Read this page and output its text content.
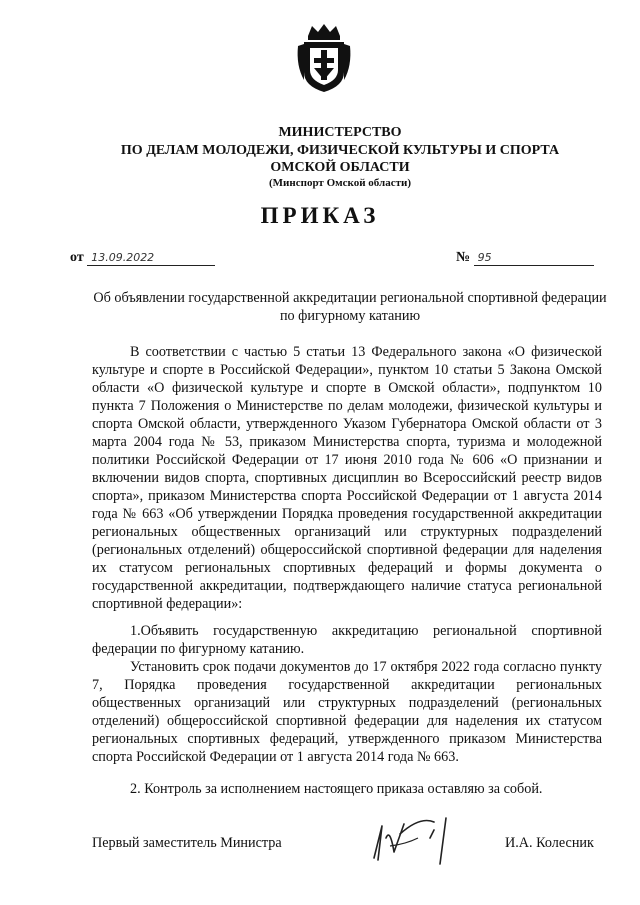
МИНИСТЕРСТВО
ПО ДЕЛАМ МОЛОДЕЖИ, ФИЗИЧЕСКОЙ КУЛЬТУРЫ И СПОРТА
ОМСКОЙ ОБЛАСТИ
(Минспорт Омской области)
ПРИКАЗ
от 13.09.2022	№ 95
Об объявлении государственной аккредитации региональной спортивной федерации по фигурному катанию

В соответствии с частью 5 статьи 13 Федерального закона «О физической культуре и спорте в Российской Федерации», пунктом 10 статьи 5 Закона Омской области «О физической культуре и спорте в Омской области», подпунктом 10 пункта 7 Положения о Министерстве по делам молодежи, физической культуры и спорта Омской области, утвержденного Указом Губернатора Омской области от 3 марта 2004 года № 53, приказом Министерства спорта, туризма и молодежной политики Российской Федерации от 17 июня 2010 года № 606 «О признании и включении видов спорта, спортивных дисциплин во Всероссийский реестр видов спорта», приказом Министерства спорта Российской Федерации от 1 августа 2014 года № 663 «Об утверждении Порядка проведения государственной аккредитации региональных общественных организаций или структурных подразделений (региональных отделений) общероссийской спортивной федерации для наделения их статусом региональных спортивных федераций и формы документа о государственной аккредитации, подтверждающего наличие статуса региональной спортивной федерации»:

1.Объявить государственную аккредитацию региональной спортивной федерации по фигурному катанию.

Установить срок подачи документов до 17 октября 2022 года согласно пункту 7, Порядка проведения государственной аккредитации региональных общественных организаций или структурных подразделений (региональных отделений) общероссийской спортивной федерации для наделения их статусом региональных спортивных федераций, утвержденного приказом Министерства спорта Российской Федерации от 1 августа 2014 года № 663.

2. Контроль за исполнением настоящего приказа оставляю за собой.

Первый заместитель Министра	И.А. Колесник
